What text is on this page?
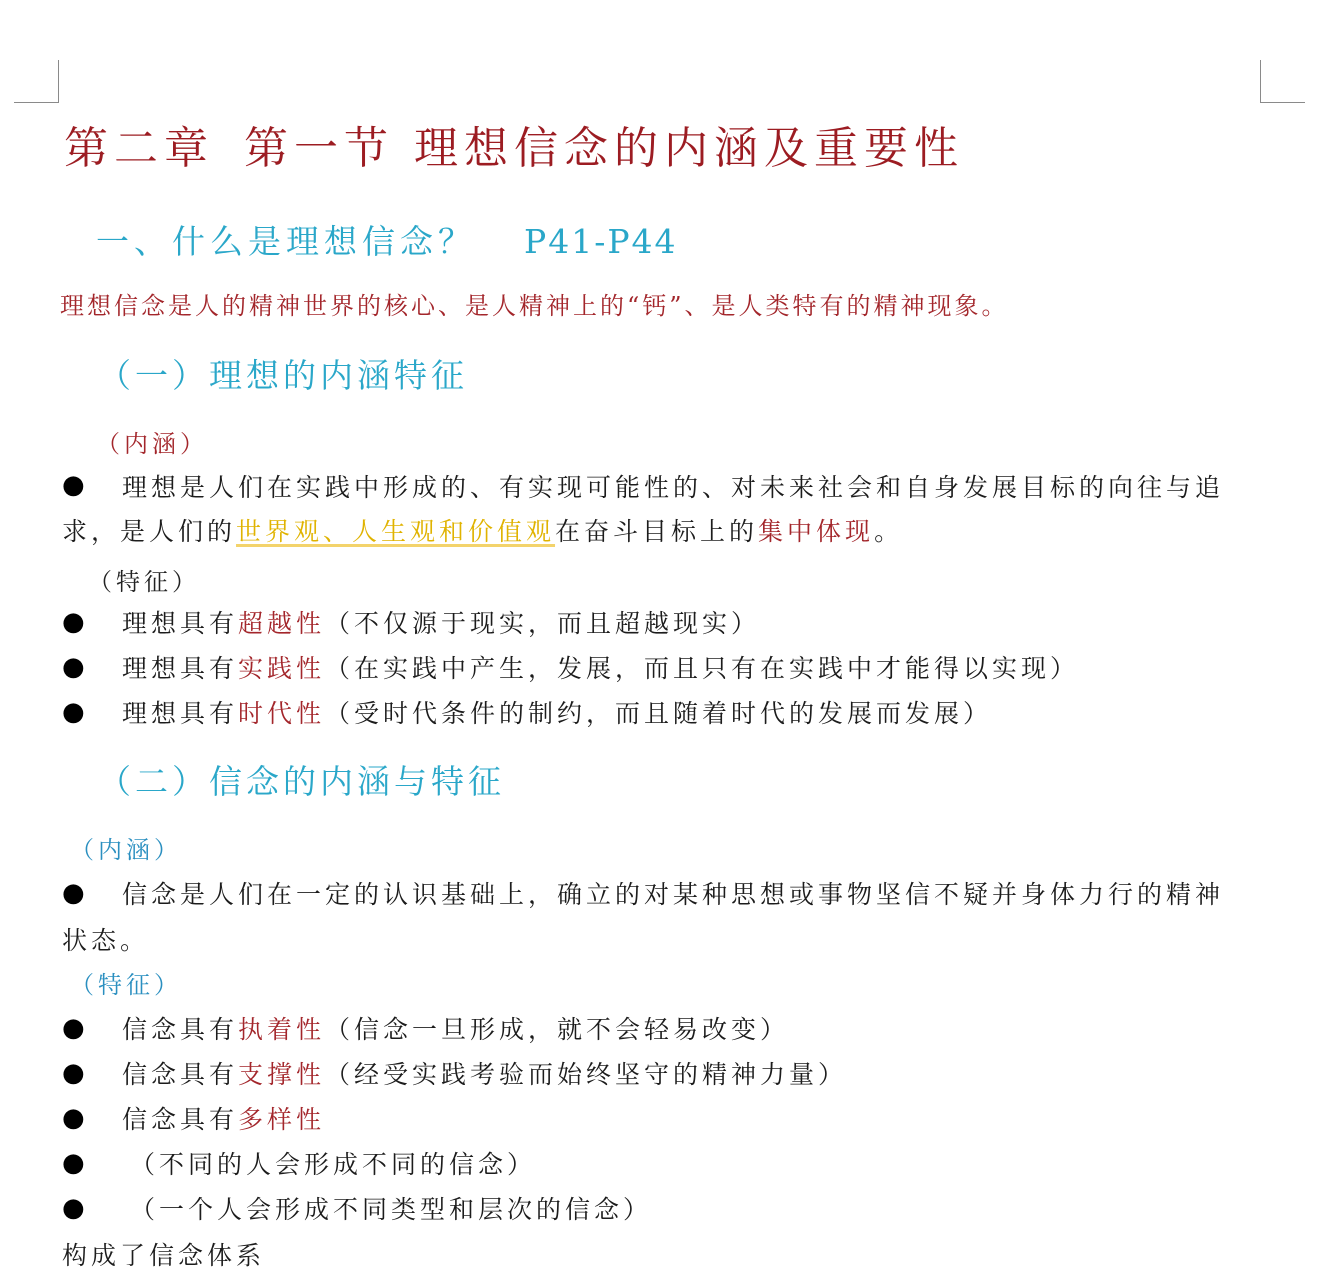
第二章 第一节 理想信念的内涵及重要性
一、什么是理想信念？ P41-P44
理想信念是人的精神世界的核心、是人精神上的“钙”、是人类特有的精神现象。
（一）理想的内涵特征
（内涵）
● 理想是人们在实践中形成的、有实现可能性的、对未来社会和自身发展目标的向往与追
求，是人们的世界观、人生观和价值观在奋斗目标上的集中体现。
（特征）
● 理想具有超越性（不仅源于现实，而且超越现实）
● 理想具有实践性（在实践中产生，发展，而且只有在实践中才能得以实现）
● 理想具有时代性（受时代条件的制约，而且随着时代的发展而发展）
（二）信念的内涵与特征
（内涵）
● 信念是人们在一定的认识基础上，确立的对某种思想或事物坚信不疑并身体力行的精神
状态。
（特征）
● 信念具有执着性（信念一旦形成，就不会轻易改变）
● 信念具有支撑性（经受实践考验而始终坚守的精神力量）
● 信念具有多样性
● （不同的人会形成不同的信念）
● （一个人会形成不同类型和层次的信念）
构成了信念体系
